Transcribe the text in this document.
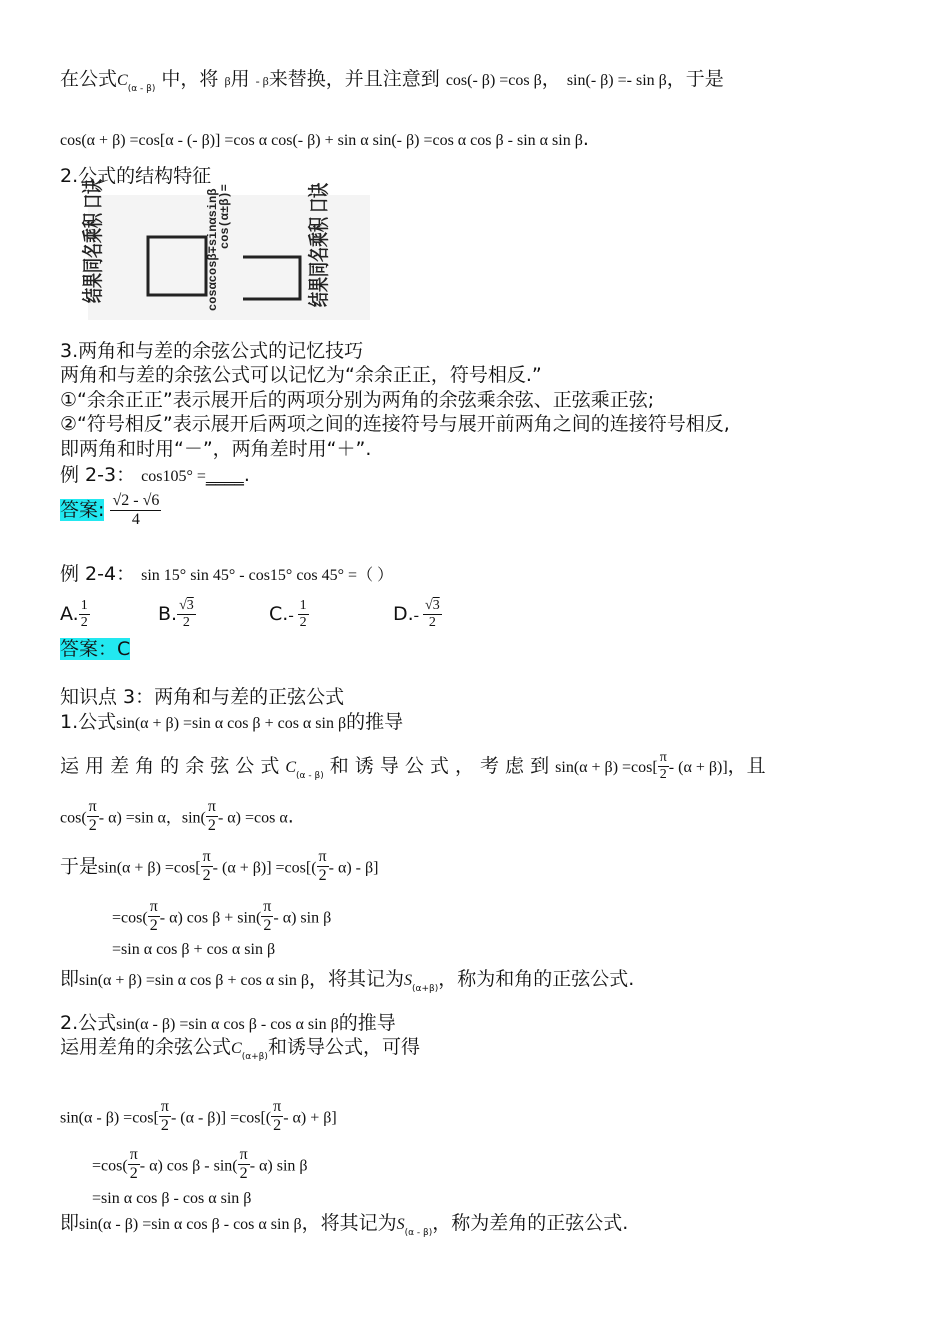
在公式$C_{(\alpha - \beta)}$ 中，将 β用 - β来替换，并且注意到 cos(- β) =cos β， sin(- β) =- sin β，于是
cos(α + β) =cos[α - (- β)] =cos α cos(- β) + sin α sin(- β) =cos α cos β - sin α sin β.
2.公式的结构特征
结果同名乘积 口诀	cosαcosβ∓sinαsinβ
cos(α±β)=	结果同名乘积 口诀
3.两角和与差的余弦公式的记忆技巧
两角和与差的余弦公式可以记忆为“余余正正，符号相反.”
①“余余正正”表示展开后的两项分别为两角的余弦乘余弦、正弦乘正弦;
②“符号相反”表示展开后两项之间的连接符号与展开前两角之间的连接符号相反,
即两角和时用“－”，两角差时用“＋”.
例 2-3： cos105° =____.
答案: $\frac{√2 - √6}{4}$
例 2-4： sin 15° sin 45° - cos15° cos 45° =（ ）
A. $\frac{1}{2}$	B. $\frac{√3}{2}$	$C.- \frac{1}{2}$	$D.- \frac{√3}{2}$
答案：C
知识点 3：两角和与差的正弦公式
1.公式sin(α + β) =sin α cos β + cos α sin β的推导
运 用 差 角 的 余 弦 公 式 $C_{(\alpha - \beta)}$ 和 诱 导 公 式 ， 考 虑 到 $\sin(\alpha + \beta) =\cos[ \frac{\pi}{2} - (\alpha + \beta)]$，且
$\cos( \frac{\pi}{2} - \alpha) =\sin$ α，$\sin( \frac{\pi}{2} - \alpha) =\cos$ α.
于是$\sin(\alpha + \beta) =\cos[ \frac{\pi}{2} - (\alpha + \beta)] =\cos[( \frac{\pi}{2} - \alpha) - \beta]$
$=\cos( \frac{\pi}{2} - \alpha)$ $\cos \beta + \sin( \frac{\pi}{2} - \alpha)$ sin β
=sin α cos β + cos α sin β
即sin(α + β) =sin α cos β + cos α sin β，将其记为$S_{(\alpha+\beta)}$，称为和角的正弦公式.
2.公式sin(α - β) =sin α cos β - cos α sin β的推导
运用差角的余弦公式$C_{(\alpha+\beta)}$和诱导公式，可得
$\sin(\alpha - \beta) =\cos[ \frac{\pi}{2} - (\alpha - \beta)] =\cos[( \frac{\pi}{2} - \alpha) + \beta]$
$=\cos( \frac{\pi}{2} - \alpha)$ cos β - $\sin( \frac{\pi}{2} - \alpha)$ sin β
=sin α cos β - cos α sin β
即sin(α - β) =sin α cos β - cos α sin β，将其记为$S_{(\alpha - \beta)}$，称为差角的正弦公式.
